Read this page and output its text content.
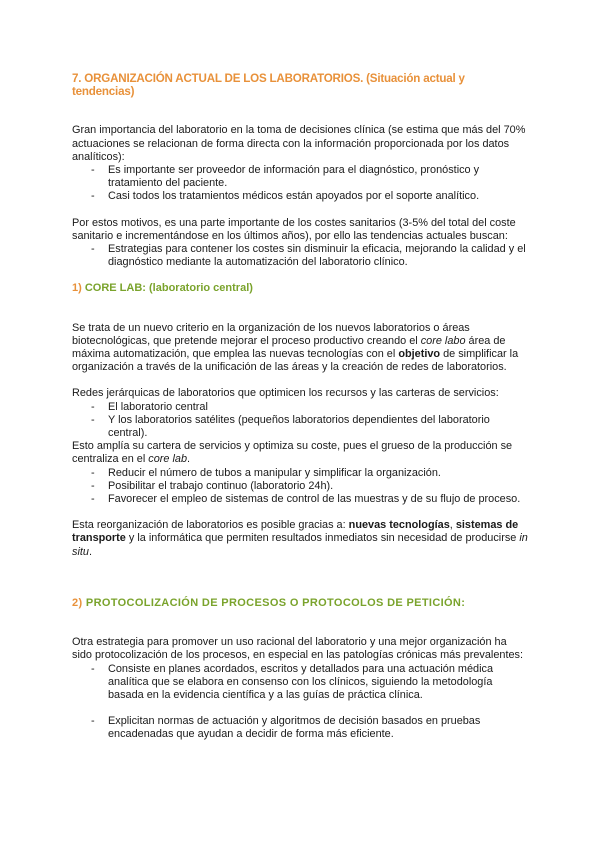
7. ORGANIZACIÓN ACTUAL DE LOS LABORATORIOS. (Situación actual y tendencias)

Gran importancia del laboratorio en la toma de decisiones clínica (se estima que más del 70% actuaciones se relacionan de forma directa con la información proporcionada por los datos analíticos):

- Es importante ser proveedor de información para el diagnóstico, pronóstico y tratamiento del paciente.
- Casi todos los tratamientos médicos están apoyados por el soporte analítico.

Por estos motivos, es una parte importante de los costes sanitarios (3-5% del total del coste sanitario e incrementándose en los últimos años), por ello las tendencias actuales buscan:

- Estrategias para contener los costes sin disminuir la eficacia, mejorando la calidad y el diagnóstico mediante la automatización del laboratorio clínico.
1) CORE LAB: (laboratorio central)

Se trata de un nuevo criterio en la organización de los nuevos laboratorios o áreas biotecnológicas, que pretende mejorar el proceso productivo creando el core labo área de máxima automatización, que emplea las nuevas tecnologías con el objetivo de simplificar la organización a través de la unificación de las áreas y la creación de redes de laboratorios.

Redes jerárquicas de laboratorios que optimicen los recursos y las carteras de servicios:

- El laboratorio central
- Y los laboratorios satélites (pequeños laboratorios dependientes del laboratorio central).

Esto amplía su cartera de servicios y optimiza su coste, pues el grueso de la producción se centraliza en el core lab.

- Reducir el número de tubos a manipular y simplificar la organización.
- Posibilitar el trabajo continuo (laboratorio 24h).
- Favorecer el empleo de sistemas de control de las muestras y de su flujo de proceso.

Esta reorganización de laboratorios es posible gracias a: nuevas tecnologías, sistemas de transporte y la informática que permiten resultados inmediatos sin necesidad de producirse in situ.

2) PROTOCOLIZACIÓN DE PROCESOS O PROTOCOLOS DE PETICIÓN:

Otra estrategia para promover un uso racional del laboratorio y una mejor organización ha sido protocolización de los procesos, en especial en las patologías crónicas más prevalentes:

- Consiste en planes acordados, escritos y detallados para una actuación médica analítica que se elabora en consenso con los clínicos, siguiendo la metodología basada en la evidencia científica y a las guías de práctica clínica.
- Explicitan normas de actuación y algoritmos de decisión basados en pruebas encadenadas que ayudan a decidir de forma más eficiente.
